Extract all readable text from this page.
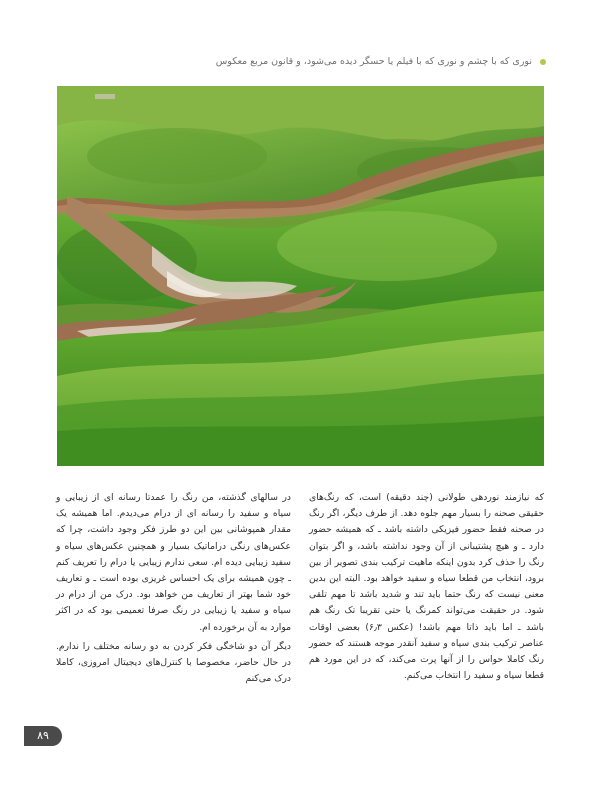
نوری که با چشم و نوری که با فیلم یا حسگر دیده می‌شود، و قانون مربع معکوس

که نیازمند نوردهی طولانی (چند دقیقه) است، که رنگ‌های حقیقی صحنه را بسیار مهم جلوه دهد. از طرف دیگر، اگر رنگ در صحنه فقط حضور فیزیکی داشته باشد ـ که همیشه حضور دارد ـ و هیچ پشتیبانی از آن وجود نداشته باشد، و اگر بتوان رنگ را حذف کرد بدون اینکه ماهیت ترکیب بندی تصویر از بین برود، انتخاب من قطعا سیاه و سفید خواهد بود. البته این بدین معنی نیست که رنگ حتما باید تند و شدید باشد تا مهم تلقی شود. در حقیقت می‌تواند کمرنگ یا حتی تقریبا تک رنگ هم باشد ـ اما باید ذاتا مهم باشد! (عکس ۶٫۳) بعضی اوقات عناصر ترکیب بندی سیاه و سفید آنقدر موجه هستند که حضور رنگ کاملا حواس را از آنها پرت می‌کند، که در این مورد هم قطعا سیاه و سفید را انتخاب می‌کنم.

در سالهای گذشته، من رنگ را عمدتا رسانه ای از زیبایی و سیاه و سفید را رسانه ای از درام می‌دیدم. اما همیشه یک مقدار همپوشانی بین این دو طرز فکر وجود داشت، چرا که عکس‌های رنگی دراماتیک بسیار و همچنین عکس‌های سیاه و سفید زیبایی دیده ام. سعی ندارم زیبایی یا درام را تعریف کنم ـ چون همیشه برای یک احساس غریزی بوده است ـ و تعاریف خود شما بهتر از تعاریف من خواهد بود. درک من از درام در سیاه و سفید یا زیبایی در رنگ صرفا تعمیمی بود که در اکثر موارد به آن برخورده ام.

دیگر آن دو شاخگی فکر کردن به دو رسانه مختلف را ندارم. در حال حاضر، مخصوصا با کنترل‌های دیجیتال امروزی، کاملا درک می‌کنم

۸۹
